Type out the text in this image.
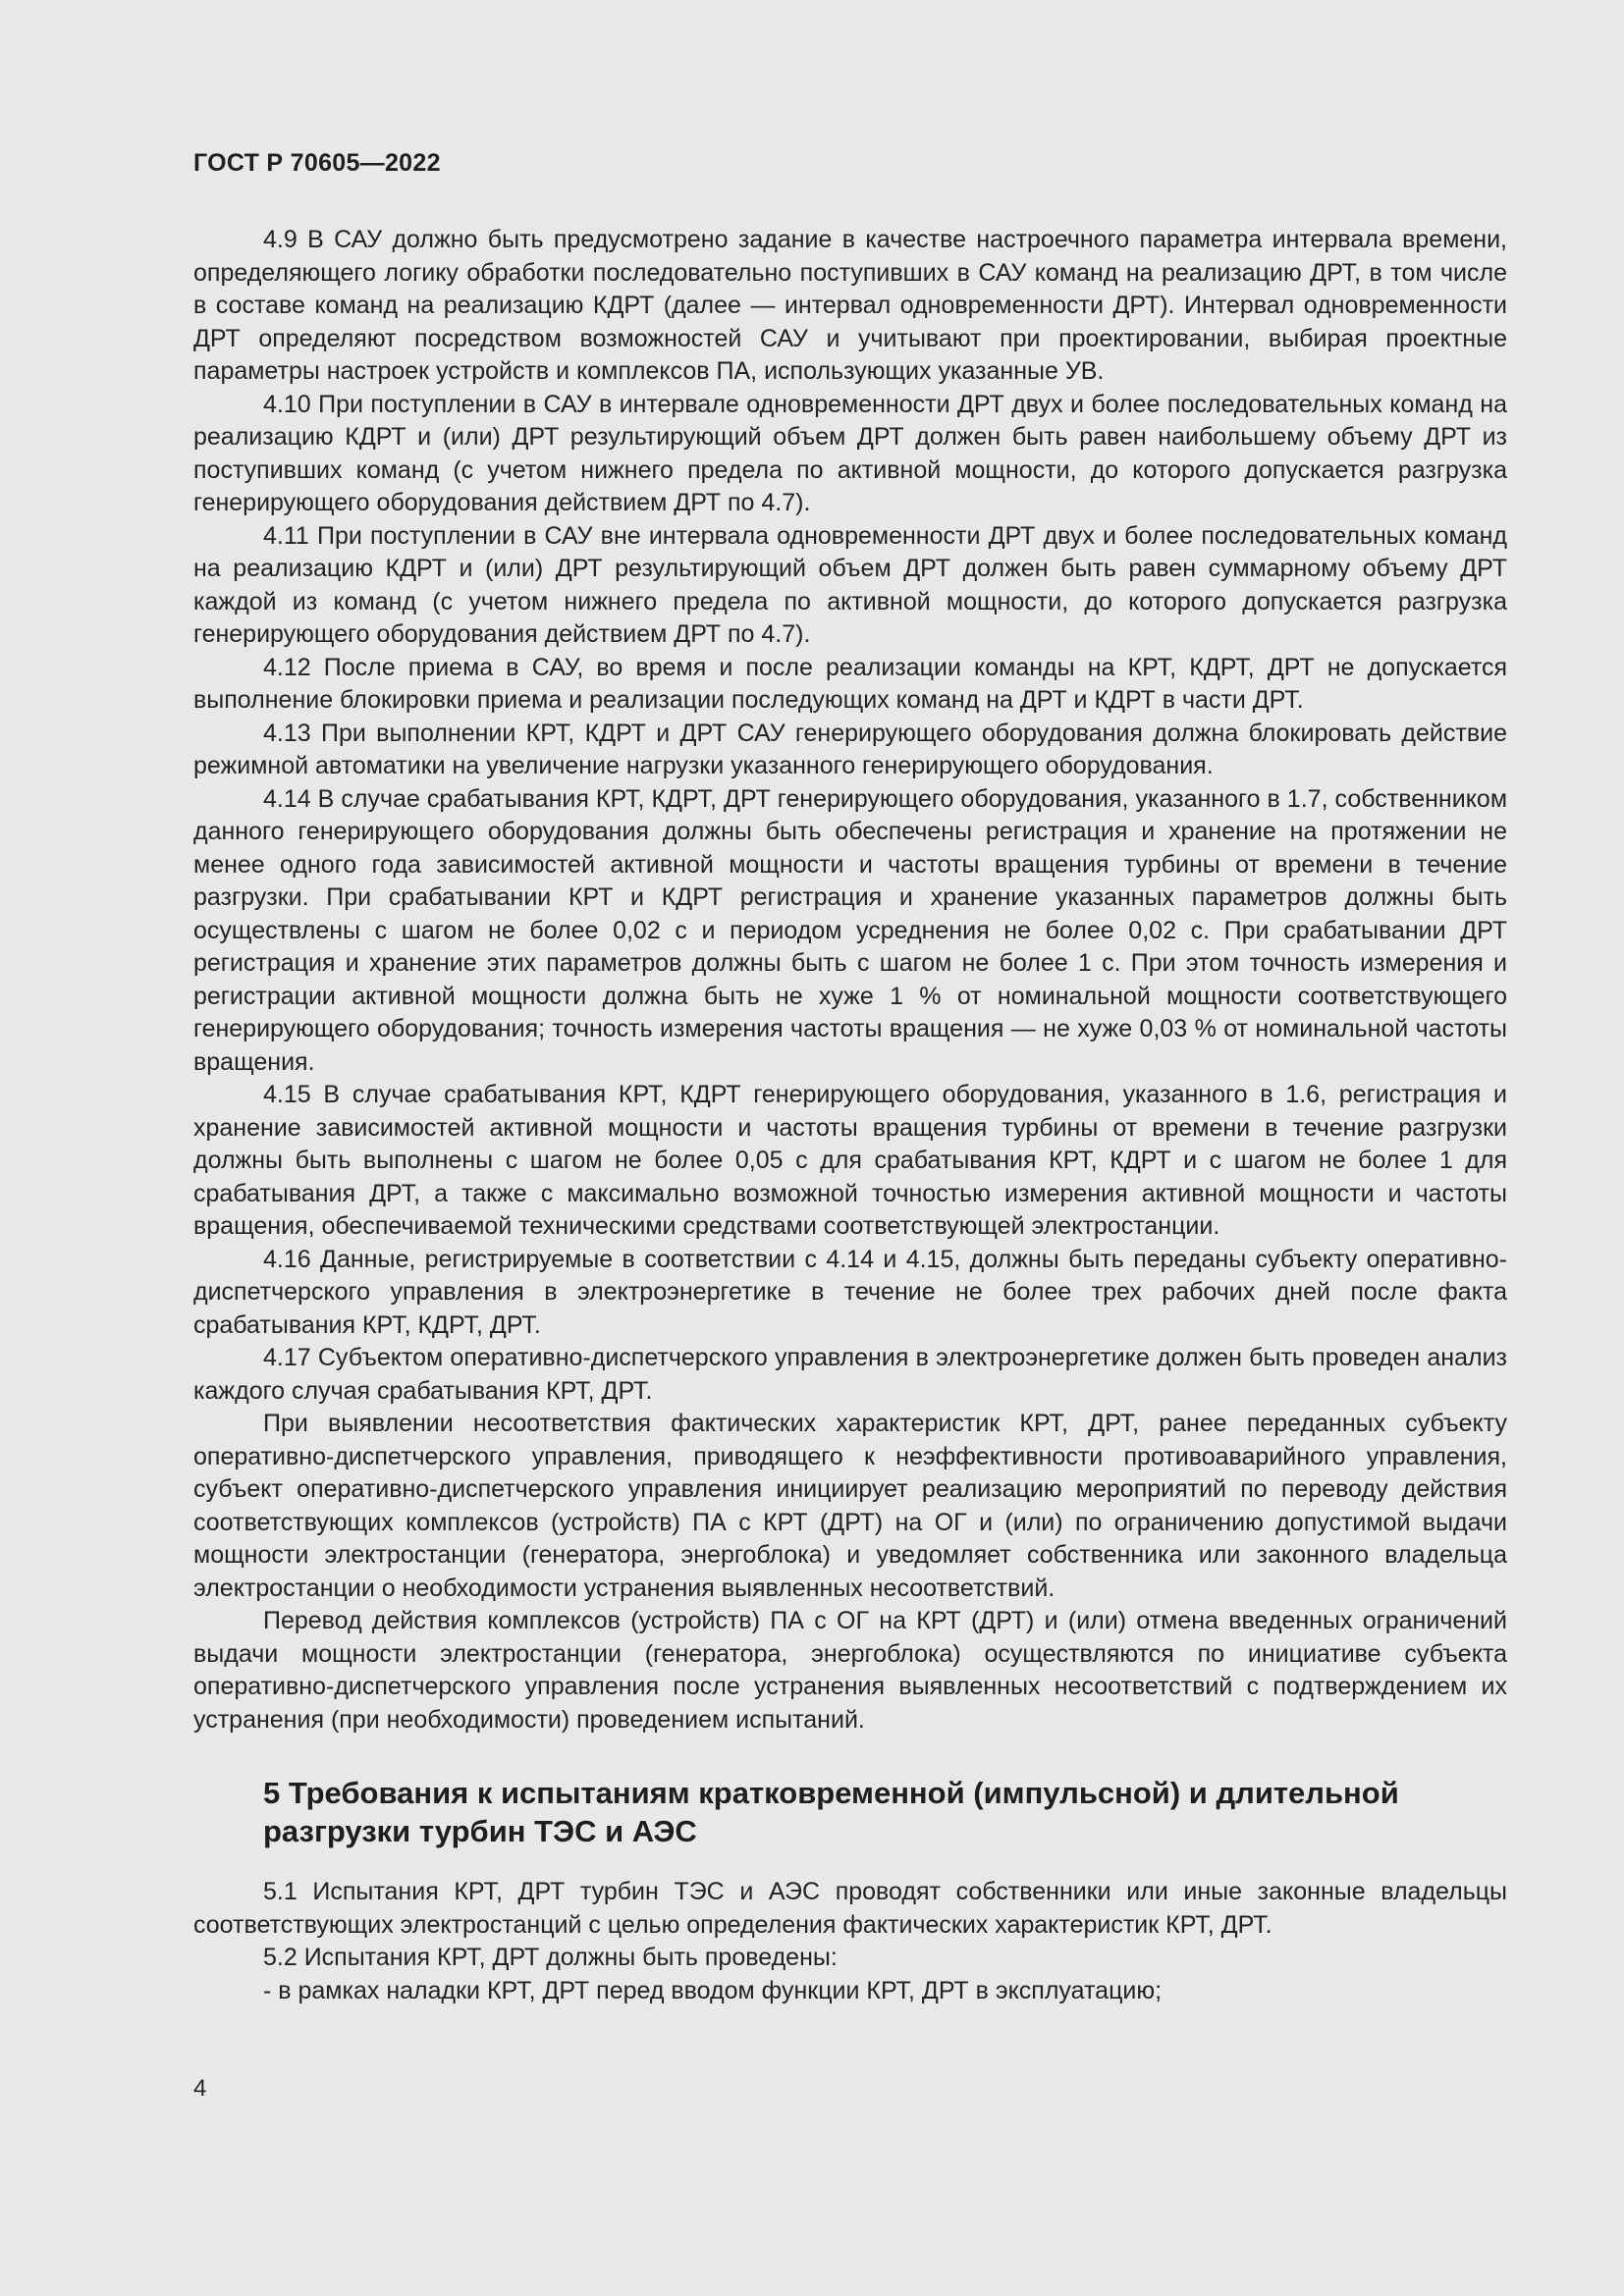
ГОСТ Р 70605—2022

4.9 В САУ должно быть предусмотрено задание в качестве настроечного параметра интервала времени, определяющего логику обработки последовательно поступивших в САУ команд на реализацию ДРТ, в том числе в составе команд на реализацию КДРТ (далее — интервал одновременности ДРТ). Интервал одновременности ДРТ определяют посредством возможностей САУ и учитывают при проектировании, выбирая проектные параметры настроек устройств и комплексов ПА, использующих указанные УВ.

4.10 При поступлении в САУ в интервале одновременности ДРТ двух и более последовательных команд на реализацию КДРТ и (или) ДРТ результирующий объем ДРТ должен быть равен наибольшему объему ДРТ из поступивших команд (с учетом нижнего предела по активной мощности, до которого допускается разгрузка генерирующего оборудования действием ДРТ по 4.7).

4.11 При поступлении в САУ вне интервала одновременности ДРТ двух и более последовательных команд на реализацию КДРТ и (или) ДРТ результирующий объем ДРТ должен быть равен суммарному объему ДРТ каждой из команд (с учетом нижнего предела по активной мощности, до которого допускается разгрузка генерирующего оборудования действием ДРТ по 4.7).

4.12 После приема в САУ, во время и после реализации команды на КРТ, КДРТ, ДРТ не допускается выполнение блокировки приема и реализации последующих команд на ДРТ и КДРТ в части ДРТ.

4.13 При выполнении КРТ, КДРТ и ДРТ САУ генерирующего оборудования должна блокировать действие режимной автоматики на увеличение нагрузки указанного генерирующего оборудования.

4.14 В случае срабатывания КРТ, КДРТ, ДРТ генерирующего оборудования, указанного в 1.7, собственником данного генерирующего оборудования должны быть обеспечены регистрация и хранение на протяжении не менее одного года зависимостей активной мощности и частоты вращения турбины от времени в течение разгрузки. При срабатывании КРТ и КДРТ регистрация и хранение указанных параметров должны быть осуществлены с шагом не более 0,02 с и периодом усреднения не более 0,02 с. При срабатывании ДРТ регистрация и хранение этих параметров должны быть с шагом не более 1 с. При этом точность измерения и регистрации активной мощности должна быть не хуже 1 % от номинальной мощности соответствующего генерирующего оборудования; точность измерения частоты вращения — не хуже 0,03 % от номинальной частоты вращения.

4.15 В случае срабатывания КРТ, КДРТ генерирующего оборудования, указанного в 1.6, регистрация и хранение зависимостей активной мощности и частоты вращения турбины от времени в течение разгрузки должны быть выполнены с шагом не более 0,05 с для срабатывания КРТ, КДРТ и с шагом не более 1 для срабатывания ДРТ, а также с максимально возможной точностью измерения активной мощности и частоты вращения, обеспечиваемой техническими средствами соответствующей электростанции.

4.16 Данные, регистрируемые в соответствии с 4.14 и 4.15, должны быть переданы субъекту оперативно-диспетчерского управления в электроэнергетике в течение не более трех рабочих дней после факта срабатывания КРТ, КДРТ, ДРТ.

4.17 Субъектом оперативно-диспетчерского управления в электроэнергетике должен быть проведен анализ каждого случая срабатывания КРТ, ДРТ.

При выявлении несоответствия фактических характеристик КРТ, ДРТ, ранее переданных субъекту оперативно-диспетчерского управления, приводящего к неэффективности противоаварийного управления, субъект оперативно-диспетчерского управления инициирует реализацию мероприятий по переводу действия соответствующих комплексов (устройств) ПА с КРТ (ДРТ) на ОГ и (или) по ограничению допустимой выдачи мощности электростанции (генератора, энергоблока) и уведомляет собственника или законного владельца электростанции о необходимости устранения выявленных несоответствий.

Перевод действия комплексов (устройств) ПА с ОГ на КРТ (ДРТ) и (или) отмена введенных ограничений выдачи мощности электростанции (генератора, энергоблока) осуществляются по инициативе субъекта оперативно-диспетчерского управления после устранения выявленных несоответствий с подтверждением их устранения (при необходимости) проведением испытаний.

5 Требования к испытаниям кратковременной (импульсной) и длительной разгрузки турбин ТЭС и АЭС

5.1 Испытания КРТ, ДРТ турбин ТЭС и АЭС проводят собственники или иные законные владельцы соответствующих электростанций с целью определения фактических характеристик КРТ, ДРТ.

5.2 Испытания КРТ, ДРТ должны быть проведены:

- в рамках наладки КРТ, ДРТ перед вводом функции КРТ, ДРТ в эксплуатацию;

4
